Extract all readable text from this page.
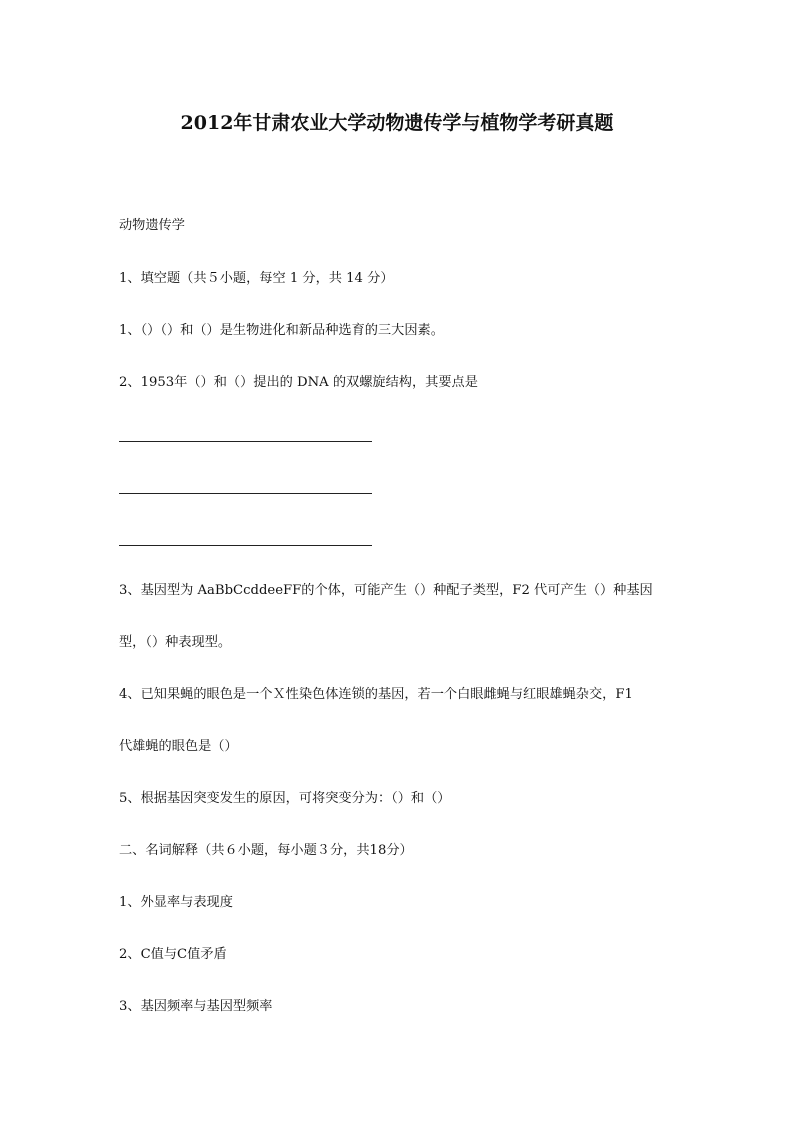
2012年甘肃农业大学动物遗传学与植物学考研真题
动物遗传学
1、填空题（共５小题，每空 1 分，共 14 分）
1、（）（）和（）是生物进化和新品种选育的三大因素。
2、1953年（）和（）提出的 DNA 的双螺旋结构，其要点是
3、基因型为 AaBbCcddeeFF的个体，可能产生（）种配子类型，F2 代可产生（）种基因
型，（）种表现型。
4、已知果蝇的眼色是一个Ｘ性染色体连锁的基因，若一个白眼雌蝇与红眼雄蝇杂交，F1
代雄蝇的眼色是（）
5、根据基因突变发生的原因，可将突变分为：（）和（）
二、名词解释（共６小题，每小题３分，共18分）
1、外显率与表现度
2、C值与C值矛盾
3、基因频率与基因型频率
